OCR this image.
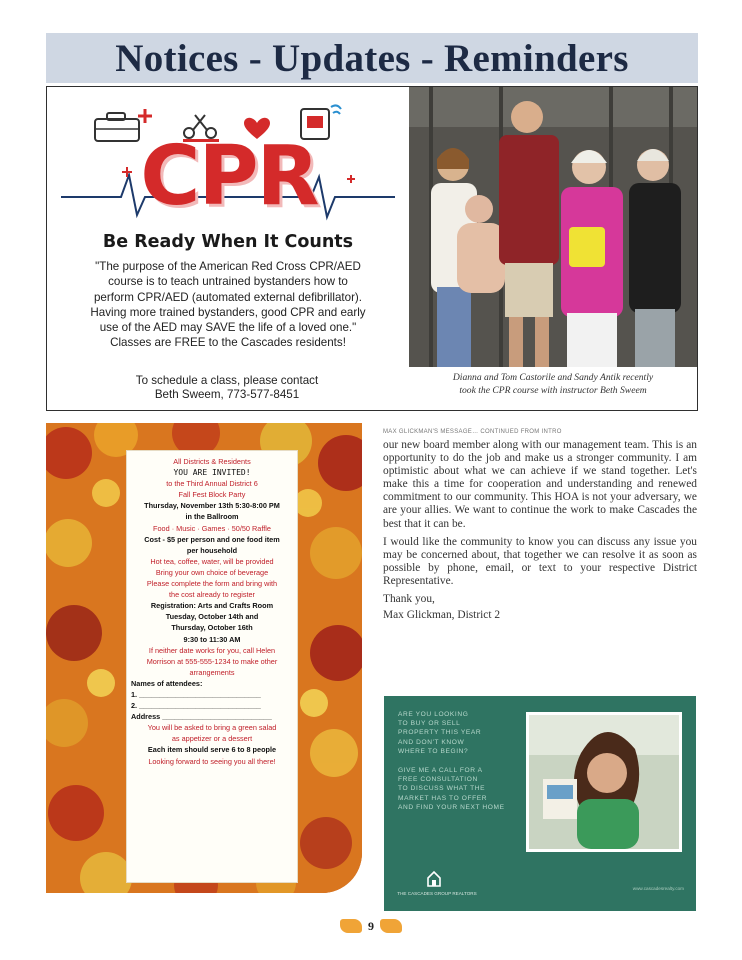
Notices - Updates - Reminders
CPR
Be Ready When It Counts
"The purpose of the American Red Cross CPR/AED
course is to teach untrained bystanders how to
perform CPR/AED (automated external defibrillator).
Having more trained bystanders, good CPR and early
use of the AED may SAVE the life of a loved one."
Classes are FREE to the Cascades residents!
To schedule a class, please contact
Beth Sweem, 773-577-8451
Dianna and Tom Castorile and Sandy Antik recently
took the CPR course with instructor Beth Sweem
All Districts & Residents
YOU ARE INVITED!
to the Third Annual District 6
Fall Fest Block Party
Thursday, November 13th 5:30-8:00 PM
in the Ballroom
Food · Music · Games · 50/50 Raffle
Cost - $5 per person and one food item
per household
Hot tea, coffee, water, will be provided
Bring your own choice of beverage
Please complete the form and bring with
the cost already to register
Registration: Arts and Crafts Room
Tuesday, October 14th and
Thursday, October 16th
9:30 to 11:30 AM
If neither date works for you, call Helen
Morrison at 555-555-1234 to make other
arrangements
Names of attendees:
1. ______________________________
2. ______________________________
Address ___________________________
You will be asked to bring a green salad
as appetizer or a dessert
Each item should serve 6 to 8 people
Looking forward to seeing you all there!
MAX GLICKMAN'S MESSAGE… CONTINUED FROM INTRO

our new board member along with our management team. This is an opportunity to do the job and make us a stronger community. I am optimistic about what we can achieve if we stand together. Let's make this a time for cooperation and understanding and renewed commitment to our community. This HOA is not your adversary, we are your allies. We want to continue the work to make Cascades the best that it can be.

I would like the community to know you can discuss any issue you may be concerned about, that together we can resolve it as soon as possible by phone, email, or text to your respective District Representative.

Thank you,

Max Glickman, District 2

ARE YOU LOOKING
TO BUY OR SELL
PROPERTY THIS YEAR
AND DON'T KNOW
WHERE TO BEGIN?
GIVE ME A CALL FOR A
FREE CONSULTATION
TO DISCUSS WHAT THE
MARKET HAS TO OFFER
AND FIND YOUR NEXT HOME
THE CASCADES GROUP REALTORS
www.cascadesrealty.com
9
